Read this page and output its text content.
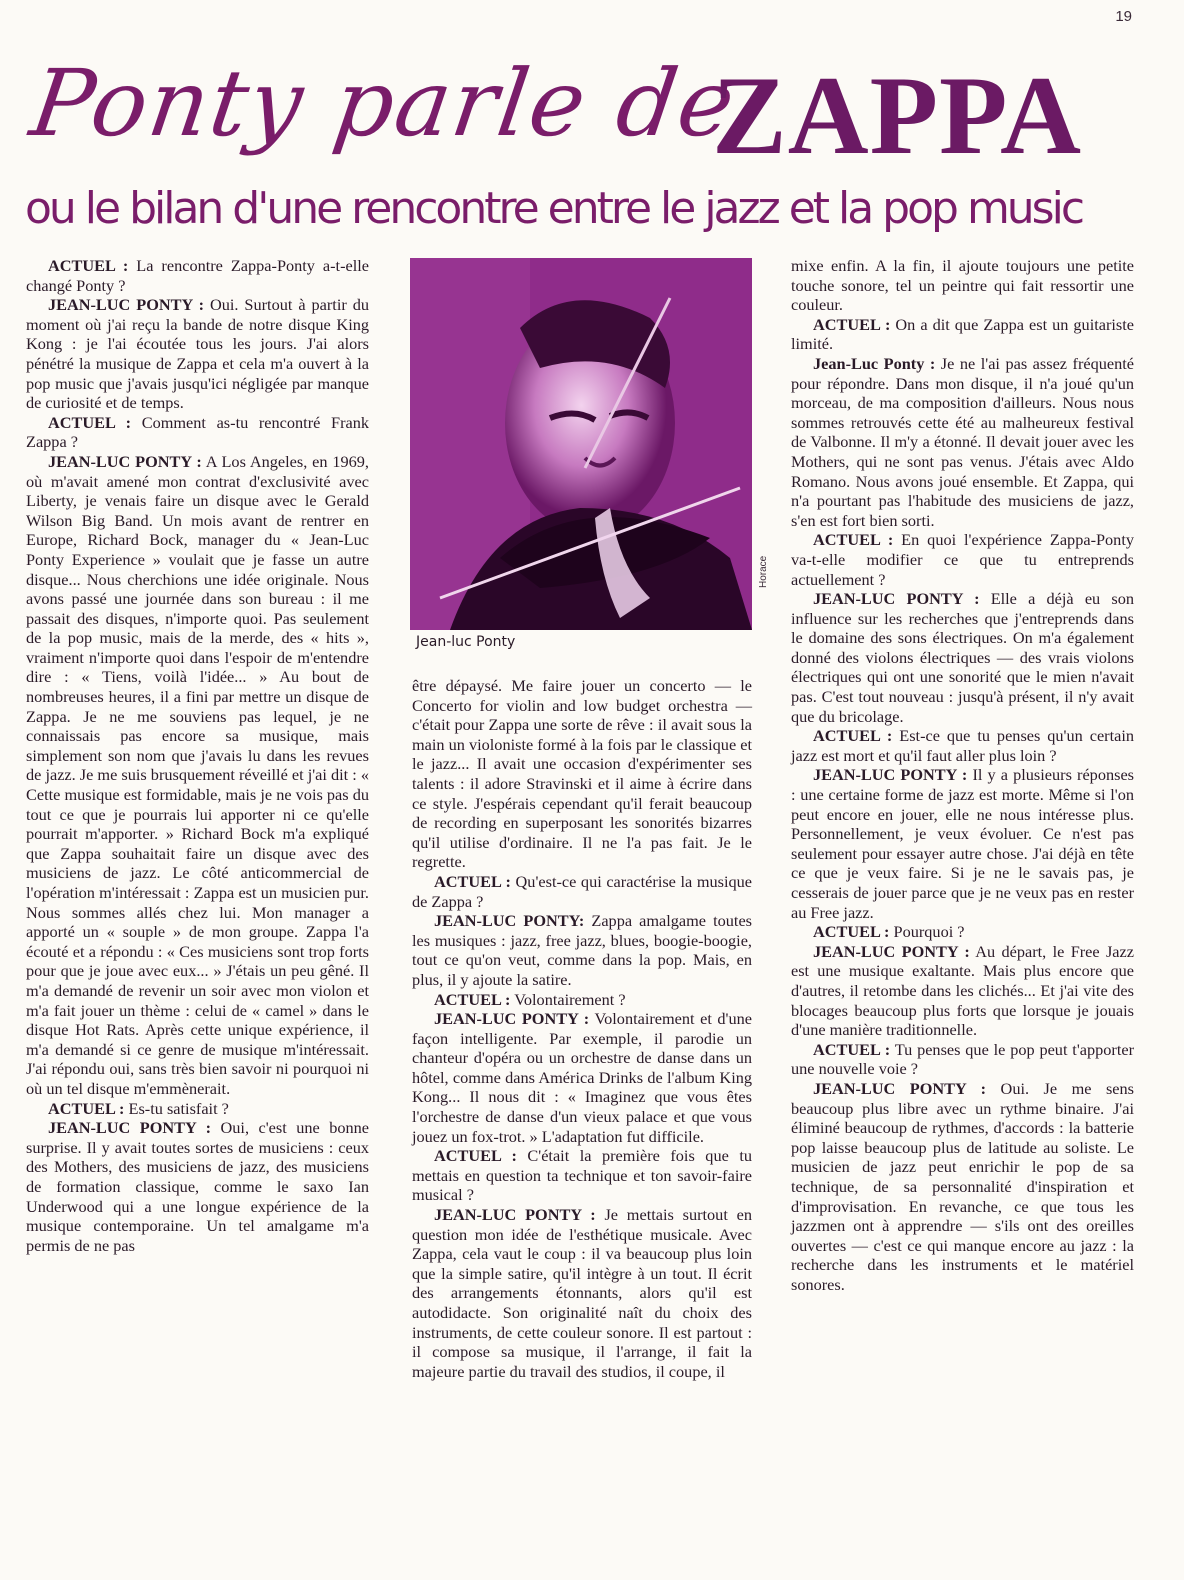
19
Ponty parle de
ZAPPA
ou le bilan d'une rencontre entre le jazz et la pop music

ACTUEL : La rencontre Zappa-Ponty a-t-elle changé Ponty ?

JEAN-LUC PONTY : Oui. Surtout à partir du moment où j'ai reçu la bande de notre disque King Kong : je l'ai écoutée tous les jours. J'ai alors pénétré la musique de Zappa et cela m'a ouvert à la pop music que j'avais jusqu'ici négligée par manque de curiosité et de temps.

ACTUEL : Comment as-tu rencontré Frank Zappa ?

JEAN-LUC PONTY : A Los Angeles, en 1969, où m'avait amené mon contrat d'exclusivité avec Liberty, je venais faire un disque avec le Gerald Wilson Big Band. Un mois avant de rentrer en Europe, Richard Bock, manager du « Jean-Luc Ponty Experience » voulait que je fasse un autre disque... Nous cherchions une idée originale. Nous avons passé une journée dans son bureau : il me passait des disques, n'importe quoi. Pas seulement de la pop music, mais de la merde, des « hits », vraiment n'importe quoi dans l'espoir de m'entendre dire : « Tiens, voilà l'idée... » Au bout de nombreuses heures, il a fini par mettre un disque de Zappa. Je ne me souviens pas lequel, je ne connaissais pas encore sa musique, mais simplement son nom que j'avais lu dans les revues de jazz. Je me suis brusquement réveillé et j'ai dit : « Cette musique est formidable, mais je ne vois pas du tout ce que je pourrais lui apporter ni ce qu'elle pourrait m'apporter. » Richard Bock m'a expliqué que Zappa souhaitait faire un disque avec des musiciens de jazz. Le côté anticommercial de l'opération m'intéressait : Zappa est un musicien pur. Nous sommes allés chez lui. Mon manager a apporté un « souple » de mon groupe. Zappa l'a écouté et a répondu : « Ces musiciens sont trop forts pour que je joue avec eux... » J'étais un peu gêné. Il m'a demandé de revenir un soir avec mon violon et m'a fait jouer un thème : celui de « camel » dans le disque Hot Rats. Après cette unique expérience, il m'a demandé si ce genre de musique m'intéressait. J'ai répondu oui, sans très bien savoir ni pourquoi ni où un tel disque m'emmènerait.

ACTUEL : Es-tu satisfait ?

JEAN-LUC PONTY : Oui, c'est une bonne surprise. Il y avait toutes sortes de musiciens : ceux des Mothers, des musiciens de jazz, des musiciens de formation classique, comme le saxo Ian Underwood qui a une longue expérience de la musique contemporaine. Un tel amalgame m'a permis de ne pas

Jean-luc Ponty
Horace

être dépaysé. Me faire jouer un concerto — le Concerto for violin and low budget orchestra — c'était pour Zappa une sorte de rêve : il avait sous la main un violoniste formé à la fois par le classique et le jazz... Il avait une occasion d'expérimenter ses talents : il adore Stravinski et il aime à écrire dans ce style. J'espérais cependant qu'il ferait beaucoup de recording en superposant les sonorités bizarres qu'il utilise d'ordinaire. Il ne l'a pas fait. Je le regrette.

ACTUEL : Qu'est-ce qui caractérise la musique de Zappa ?

JEAN-LUC PONTY: Zappa amalgame toutes les musiques : jazz, free jazz, blues, boogie-boogie, tout ce qu'on veut, comme dans la pop. Mais, en plus, il y ajoute la satire.

ACTUEL : Volontairement ?

JEAN-LUC PONTY : Volontairement et d'une façon intelligente. Par exemple, il parodie un chanteur d'opéra ou un orchestre de danse dans un hôtel, comme dans América Drinks de l'album King Kong... Il nous dit : « Imaginez que vous êtes l'orchestre de danse d'un vieux palace et que vous jouez un fox-trot. » L'adaptation fut difficile.

ACTUEL : C'était la première fois que tu mettais en question ta technique et ton savoir-faire musical ?

JEAN-LUC PONTY : Je mettais surtout en question mon idée de l'esthétique musicale. Avec Zappa, cela vaut le coup : il va beaucoup plus loin que la simple satire, qu'il intègre à un tout. Il écrit des arrangements étonnants, alors qu'il est autodidacte. Son originalité naît du choix des instruments, de cette couleur sonore. Il est partout : il compose sa musique, il l'arrange, il fait la majeure partie du travail des studios, il coupe, il

mixe enfin. A la fin, il ajoute toujours une petite touche sonore, tel un peintre qui fait ressortir une couleur.

ACTUEL : On a dit que Zappa est un guitariste limité.

Jean-Luc Ponty : Je ne l'ai pas assez fréquenté pour répondre. Dans mon disque, il n'a joué qu'un morceau, de ma composition d'ailleurs. Nous nous sommes retrouvés cette été au malheureux festival de Valbonne. Il m'y a étonné. Il devait jouer avec les Mothers, qui ne sont pas venus. J'étais avec Aldo Romano. Nous avons joué ensemble. Et Zappa, qui n'a pourtant pas l'habitude des musiciens de jazz, s'en est fort bien sorti.

ACTUEL : En quoi l'expérience Zappa-Ponty va-t-elle modifier ce que tu entreprends actuellement ?

JEAN-LUC PONTY : Elle a déjà eu son influence sur les recherches que j'entreprends dans le domaine des sons électriques. On m'a également donné des violons électriques — des vrais violons électriques qui ont une sonorité que le mien n'avait pas. C'est tout nouveau : jusqu'à présent, il n'y avait que du bricolage.

ACTUEL : Est-ce que tu penses qu'un certain jazz est mort et qu'il faut aller plus loin ?

JEAN-LUC PONTY : Il y a plusieurs réponses : une certaine forme de jazz est morte. Même si l'on peut encore en jouer, elle ne nous intéresse plus. Personnellement, je veux évoluer. Ce n'est pas seulement pour essayer autre chose. J'ai déjà en tête ce que je veux faire. Si je ne le savais pas, je cesserais de jouer parce que je ne veux pas en rester au Free jazz.

ACTUEL : Pourquoi ?

JEAN-LUC PONTY : Au départ, le Free Jazz est une musique exaltante. Mais plus encore que d'autres, il retombe dans les clichés... Et j'ai vite des blocages beaucoup plus forts que lorsque je jouais d'une manière traditionnelle.

ACTUEL : Tu penses que le pop peut t'apporter une nouvelle voie ?

JEAN-LUC PONTY : Oui. Je me sens beaucoup plus libre avec un rythme binaire. J'ai éliminé beaucoup de rythmes, d'accords : la batterie pop laisse beaucoup plus de latitude au soliste. Le musicien de jazz peut enrichir le pop de sa technique, de sa personnalité d'inspiration et d'improvisation. En revanche, ce que tous les jazzmen ont à apprendre — s'ils ont des oreilles ouvertes — c'est ce qui manque encore au jazz : la recherche dans les instruments et le matériel sonores.
